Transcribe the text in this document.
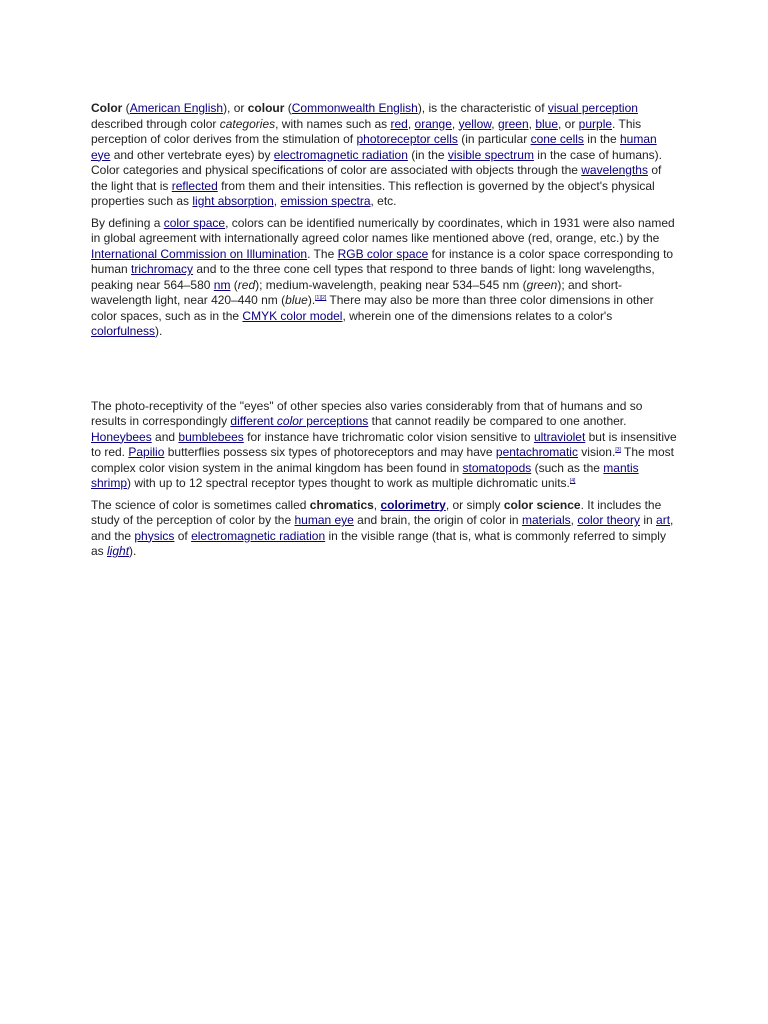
Color (American English), or colour (Commonwealth English), is the characteristic of visual perception described through color categories, with names such as red, orange, yellow, green, blue, or purple. This perception of color derives from the stimulation of photoreceptor cells (in particular cone cells in the human eye and other vertebrate eyes) by electromagnetic radiation (in the visible spectrum in the case of humans). Color categories and physical specifications of color are associated with objects through the wavelengths of the light that is reflected from them and their intensities. This reflection is governed by the object's physical properties such as light absorption, emission spectra, etc.

By defining a color space, colors can be identified numerically by coordinates, which in 1931 were also named in global agreement with internationally agreed color names like mentioned above (red, orange, etc.) by the International Commission on Illumination. The RGB color space for instance is a color space corresponding to human trichromacy and to the three cone cell types that respond to three bands of light: long wavelengths, peaking near 564–580 nm (red); medium-wavelength, peaking near 534–545 nm (green); and short-wavelength light, near 420–440 nm (blue).[1][2] There may also be more than three color dimensions in other color spaces, such as in the CMYK color model, wherein one of the dimensions relates to a color's colorfulness).

The photo-receptivity of the "eyes" of other species also varies considerably from that of humans and so results in correspondingly different color perceptions that cannot readily be compared to one another. Honeybees and bumblebees for instance have trichromatic color vision sensitive to ultraviolet but is insensitive to red. Papilio butterflies possess six types of photoreceptors and may have pentachromatic vision.[3] The most complex color vision system in the animal kingdom has been found in stomatopods (such as the mantis shrimp) with up to 12 spectral receptor types thought to work as multiple dichromatic units.[4]

The science of color is sometimes called chromatics, colorimetry, or simply color science. It includes the study of the perception of color by the human eye and brain, the origin of color in materials, color theory in art, and the physics of electromagnetic radiation in the visible range (that is, what is commonly referred to simply as light).
